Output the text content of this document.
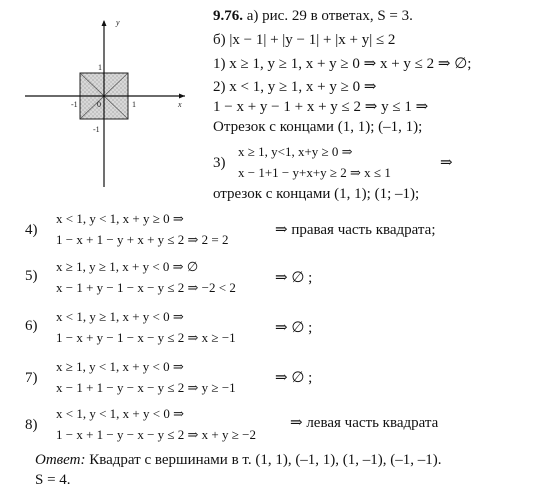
y
x
1
-1 0	1
-1
9.76. а) рис. 29 в ответах, S = 3.
б) |x − 1| + |y − 1| + |x + y| ≤ 2
1) x ≥ 1, y ≥ 1, x + y ≥ 0 ⇒ x + y ≤ 2 ⇒ ∅;
2) x < 1, y ≥ 1, x + y ≥ 0 ⇒
1 − x + y − 1 + x + y ≤ 2 ⇒ y ≤ 1 ⇒
Отрезок с концами (1, 1); (–1, 1);
3)
x ≥ 1, y<1, x+y ≥ 0 ⇒
x − 1+1 − y+x+y ≥ 2 ⇒ x ≤ 1
⇒
отрезок с концами (1, 1); (1; –1);
4)
x < 1, y < 1, x + y ≥ 0 ⇒
1 − x + 1 − y + x + y ≤ 2 ⇒ 2 = 2
⇒ правая часть квадрата;
5)
x ≥ 1, y ≥ 1, x + y < 0 ⇒ ∅
x − 1 + y − 1 − x − y ≤ 2 ⇒ −2 < 2
⇒ ∅ ;
6)
x < 1, y ≥ 1, x + y < 0 ⇒
1 − x + y − 1 − x − y ≤ 2 ⇒ x ≥ −1
⇒ ∅ ;
7)
x ≥ 1, y < 1, x + y < 0 ⇒
x − 1 + 1 − y − x − y ≤ 2 ⇒ y ≥ −1
⇒ ∅ ;
8)
x < 1, y < 1, x + y < 0 ⇒
1 − x + 1 − y − x − y ≤ 2 ⇒ x + y ≥ −2
⇒ левая часть квадрата
Ответ: Квадрат с вершинами в т. (1, 1), (–1, 1), (1, –1), (–1, –1).
S = 4.
